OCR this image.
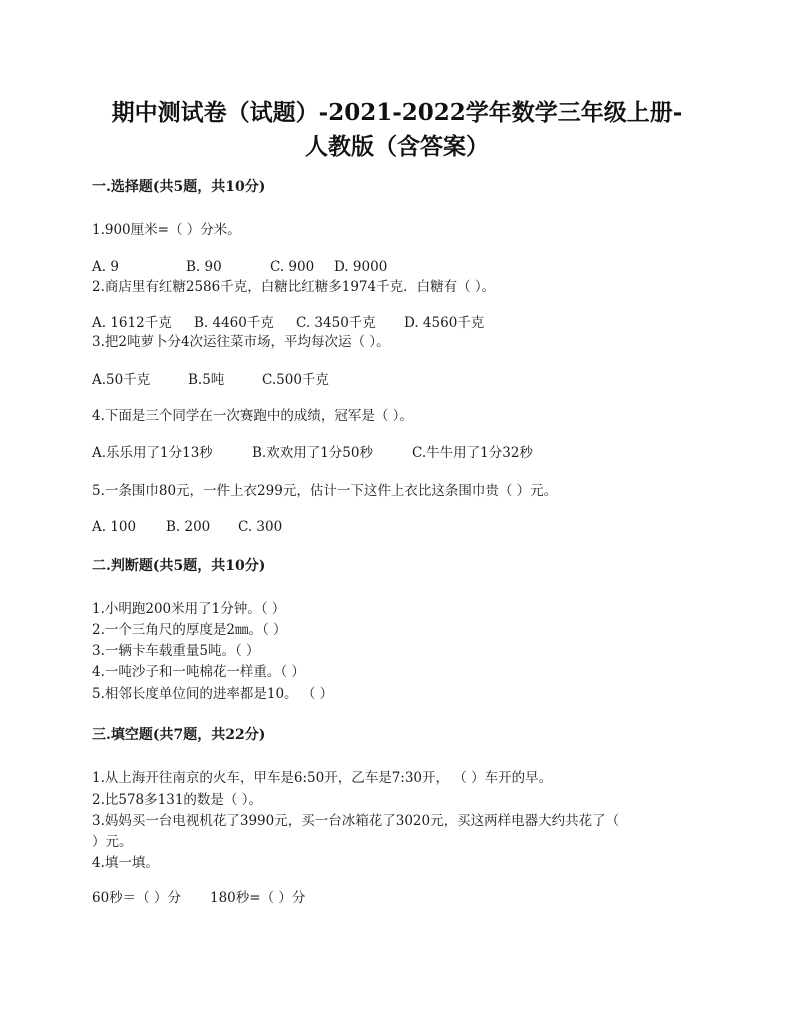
期中测试卷（试题）-2021-2022学年数学三年级上册-
人教版（含答案）
一.选择题(共5题，共10分)
1.900厘米=（ ）分米。
A. 9	B. 90	C. 900 D. 9000
2.商店里有红糖2586千克，白糖比红糖多1974千克．白糖有（ ）。
A. 1612千克 B. 4460千克 C. 3450千克 D. 4560千克
3.把2吨萝卜分4次运往菜市场，平均每次运（ ）。
A.50千克	B.5吨	C.500千克
4.下面是三个同学在一次赛跑中的成绩，冠军是（ ）。
A.乐乐用了1分13秒	B.欢欢用了1分50秒	C.牛牛用了1分32秒
5.一条围巾80元，一件上衣299元，估计一下这件上衣比这条围巾贵（ ）元。
A. 100 B. 200 C. 300
二.判断题(共5题，共10分)
1.小明跑200米用了1分钟。（ ）
2.一个三角尺的厚度是2㎜。（ ）
3.一辆卡车载重量5吨。（ ）
4.一吨沙子和一吨棉花一样重。（ ）
5.相邻长度单位间的进率都是10。 （ ）
三.填空题(共7题，共22分)
1.从上海开往南京的火车，甲车是6:50开，乙车是7:30开， （ ）车开的早。
2.比578多131的数是（ ）。
3.妈妈买一台电视机花了3990元，买一台冰箱花了3020元，买这两样电器大约共花了（
）元。
4.填一填。
60秒＝（ ）分 180秒=（ ）分
